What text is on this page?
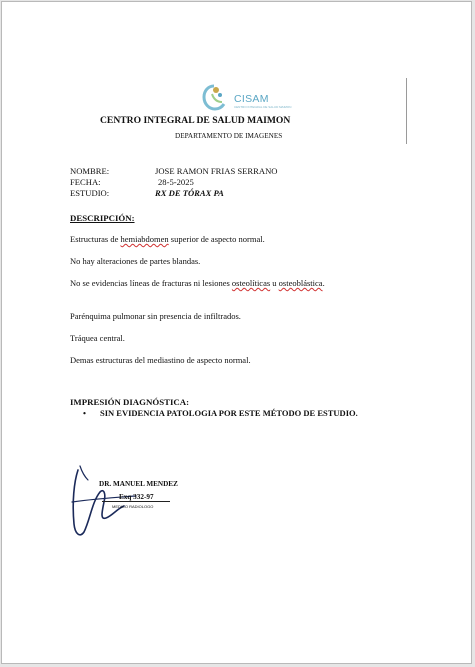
CISAM
CENTRO INTEGRAL DE SALUD MAIMON
CENTRO INTEGRAL DE SALUD MAIMON
DEPARTAMENTO DE IMAGENES
NOMBRE:	JOSE RAMON FRIAS SERRANO
FECHA:	28-5-2025
ESTUDIO:	RX DE TÓRAX PA
DESCRIPCIÓN:
Estructuras de hemiabdomen superior de aspecto normal.
No hay alteraciones de partes blandas.
No se evidencias líneas de fracturas ni lesiones osteolíticas u osteoblástica.
Parénquima pulmonar sin presencia de infiltrados.
Tráquea central.
Demas estructuras del mediastino de aspecto normal.
IMPRESIÓN DIAGNÓSTICA:
• SIN EVIDENCIA PATOLOGIA POR ESTE MÉTODO DE ESTUDIO.
DR. MANUEL MENDEZ
Exq 332-97
MEDICO RADIOLOGO
